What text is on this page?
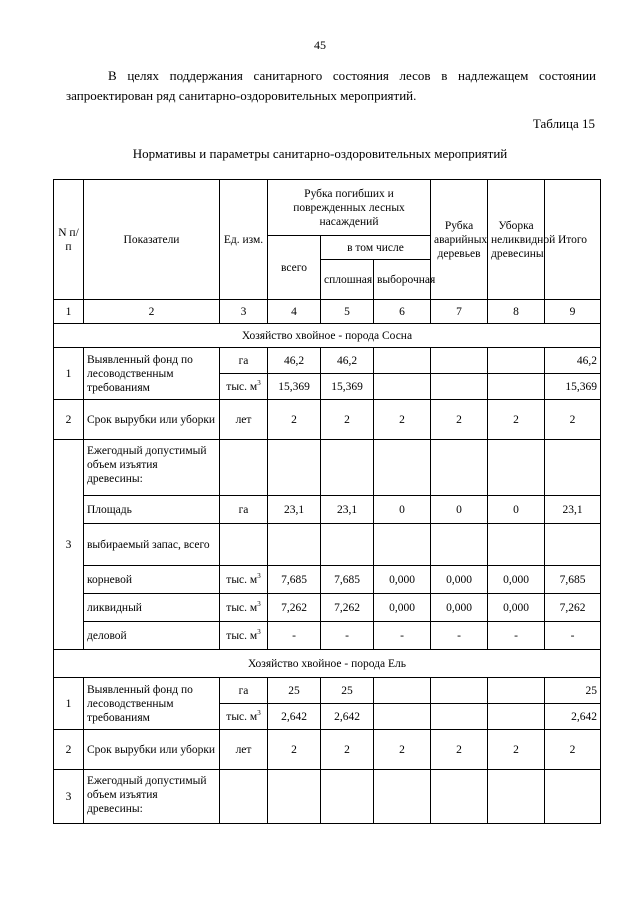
45
В целях поддержания санитарного состояния лесов в надлежащем состоянии запроектирован ряд санитарно-оздоровительных мероприятий.
Таблица 15
Нормативы и параметры санитарно-оздоровительных мероприятий
N п/п	Показатели	Ед. изм.	Рубка погибших и поврежденных лесных насаждений			Рубка аварийных деревьев	Уборка неликвидной древесины	Итого
			всего	в том числе				
				сплошная	выборочная			
1	2	3	4	5	6	7	8	9
Хозяйство хвойное - порода Сосна								
1	Выявленный фонд по лесоводственным требованиям	га	46,2	46,2				46,2
		тыс. $м^3$	15,369	15,369				15,369
2	Срок вырубки или уборки	лет	2	2	2	2	2	2
3	Ежегодный допустимый объем изъятия древесины:							
	Площадь	га	23,1	23,1	0	0	0	23,1
	выбираемый запас, всего							
	корневой	тыс. $м^3$	7,685	7,685	0,000	0,000	0,000	7,685
	ликвидный	тыс. $м^3$	7,262	7,262	0,000	0,000	0,000	7,262
	деловой	тыс. $м^3$	-	-	-	-	-	-
Хозяйство хвойное - порода Ель								
1	Выявленный фонд по лесоводственным требованиям	га	25	25				25
		тыс. $м^3$	2,642	2,642				2,642
2	Срок вырубки или уборки	лет	2	2	2	2	2	2
3	Ежегодный допустимый объем изъятия древесины:							
